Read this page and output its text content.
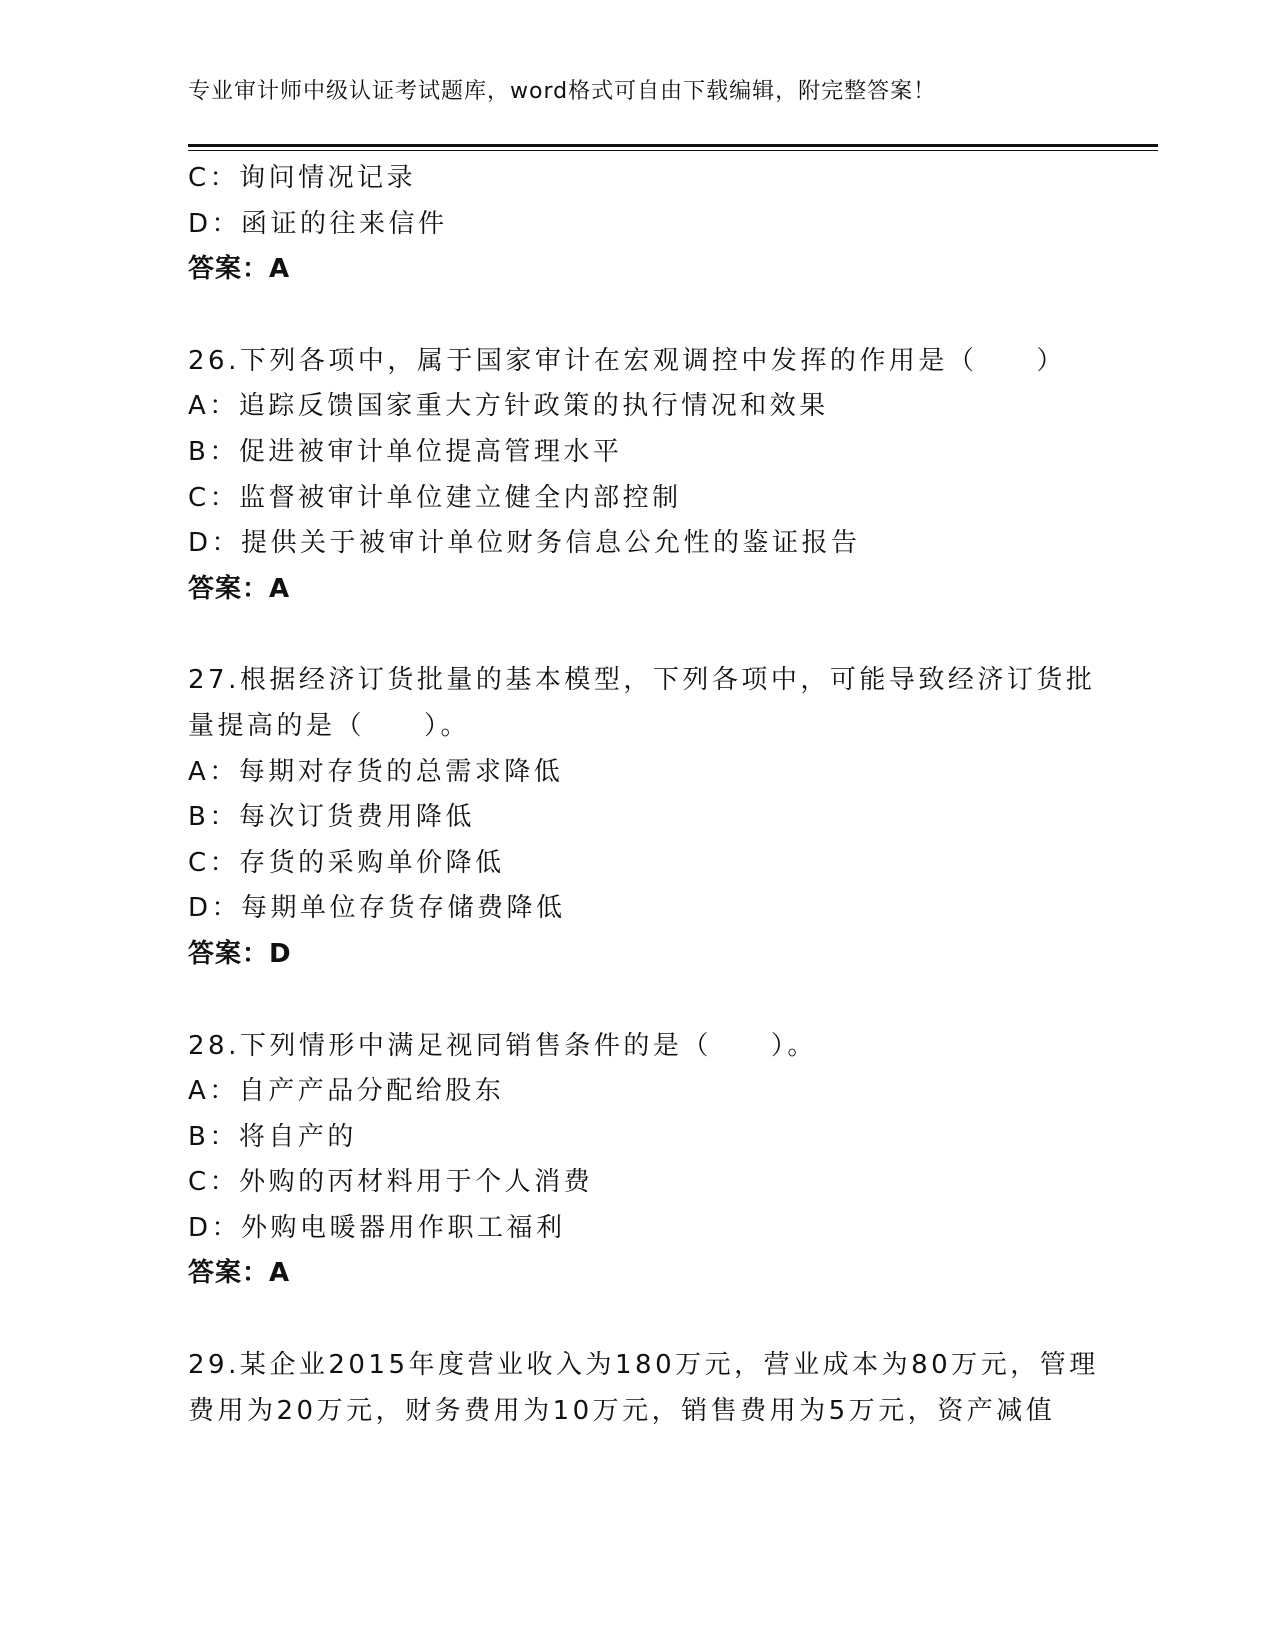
专业审计师中级认证考试题库，word格式可自由下载编辑，附完整答案！
C：询问情况记录
D：函证的往来信件
答案：A
26.下列各项中，属于国家审计在宏观调控中发挥的作用是（　　）
A：追踪反馈国家重大方针政策的执行情况和效果
B：促进被审计单位提高管理水平
C：监督被审计单位建立健全内部控制
D：提供关于被审计单位财务信息公允性的鉴证报告
答案：A
27.根据经济订货批量的基本模型，下列各项中，可能导致经济订货批
量提高的是（　　）。
A：每期对存货的总需求降低
B：每次订货费用降低
C：存货的采购单价降低
D：每期单位存货存储费降低
答案：D
28.下列情形中满足视同销售条件的是（　　）。
A：自产产品分配给股东
B：将自产的
C：外购的丙材料用于个人消费
D：外购电暖器用作职工福利
答案：A
29.某企业2015年度营业收入为180万元，营业成本为80万元，管理
费用为20万元，财务费用为10万元，销售费用为5万元，资产减值
